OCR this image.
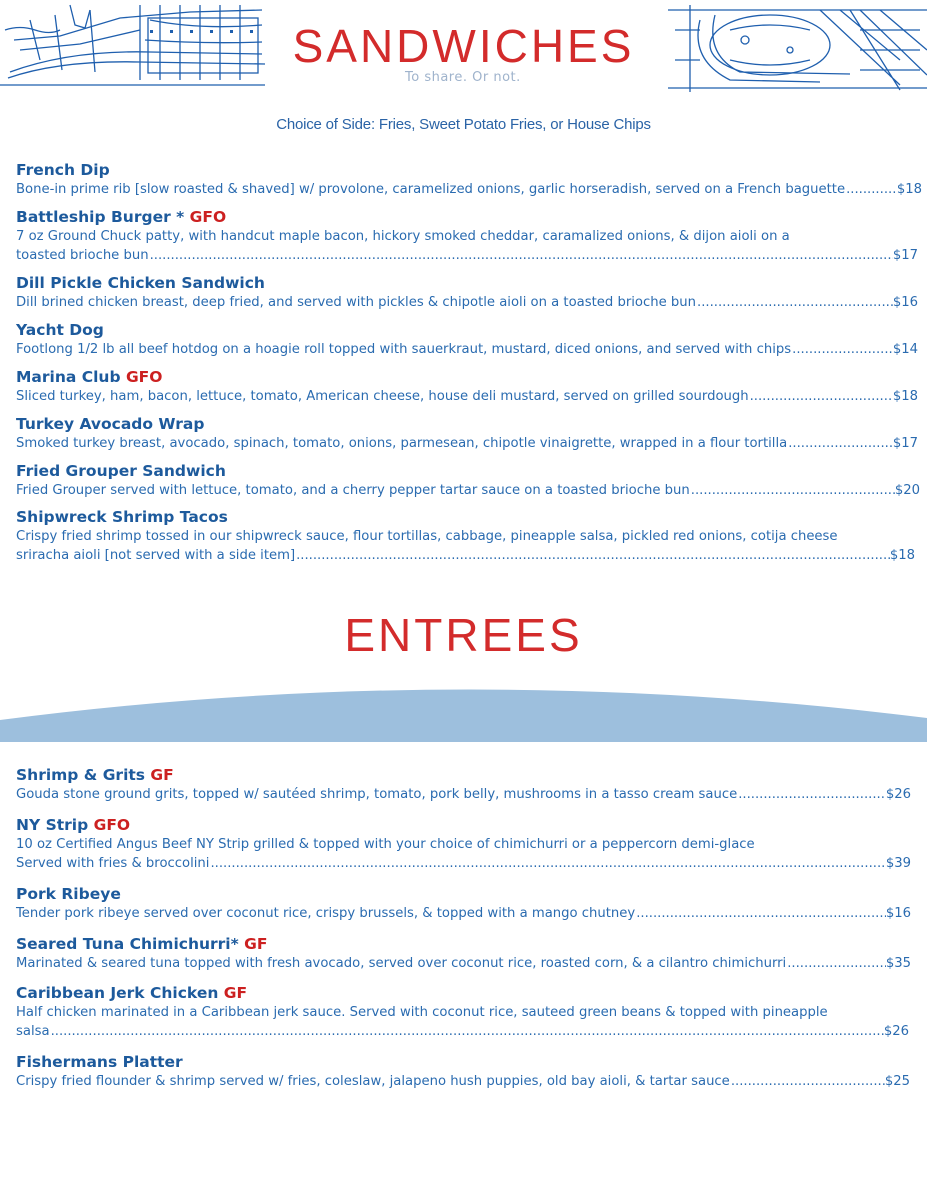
To share. Or not.
SANDWICHES
Choice of Side: Fries, Sweet Potato Fries, or House Chips
French Dip
Bone-in prime rib [slow roasted & shaved] w/ provolone, caramelized onions, garlic horseradish, served on a French baguette .....	$18
Battleship Burger * GFO
7 oz Ground Chuck patty, with handcut maple bacon, hickory smoked cheddar, caramalized onions, & dijon aioli on a
toasted brioche bun .....	$17
Dill Pickle Chicken Sandwich
Dill brined chicken breast, deep fried, and served with pickles & chipotle aioli on a toasted brioche bun .....	$16
Yacht Dog
Footlong 1/2 lb all beef hotdog on a hoagie roll topped with sauerkraut, mustard, diced onions, and served with chips .....	$14
Marina Club GFO
Sliced turkey, ham, bacon, lettuce, tomato, American cheese, house deli mustard, served on grilled sourdough .....	$18
Turkey Avocado Wrap
Smoked turkey breast, avocado, spinach, tomato, onions, parmesean, chipotle vinaigrette, wrapped in a flour tortilla .....	$17
Fried Grouper Sandwich
Fried Grouper served with lettuce, tomato, and a cherry pepper tartar sauce on a toasted brioche bun .....	$20
Shipwreck Shrimp Tacos
Crispy fried shrimp tossed in our shipwreck sauce, flour tortillas, cabbage, pineapple salsa, pickled red onions, cotija cheese
sriracha aioli [not served with a side item] .....	$18
ENTREES
Shrimp & Grits GF
Gouda stone ground grits, topped w/ sautéed shrimp, tomato, pork belly, mushrooms in a tasso cream sauce .....	$26
NY Strip GFO
10 oz Certified Angus Beef NY Strip grilled & topped with your choice of chimichurri or a peppercorn demi-glace
Served with fries & broccolini .....	$39
Pork Ribeye
Tender pork ribeye served over coconut rice, crispy brussels, & topped with a mango chutney .....	$16
Seared Tuna Chimichurri* GF
Marinated & seared tuna topped with fresh avocado, served over coconut rice, roasted corn, & a cilantro chimichurri .....	$35
Caribbean Jerk Chicken GF
Half chicken marinated in a Caribbean jerk sauce. Served with coconut rice, sauteed green beans & topped with pineapple
salsa .....	$26
Fishermans Platter
Crispy fried flounder & shrimp served w/ fries, coleslaw, jalapeno hush puppies, old bay aioli, & tartar sauce .....	$25
